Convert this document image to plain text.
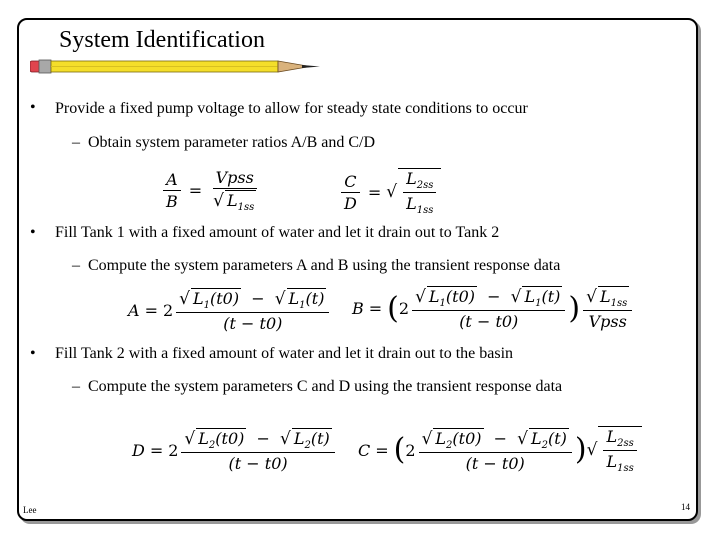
System Identification
• Provide a fixed pump voltage to allow for steady state conditions to occur
– Obtain system parameter ratios A/B and C/D
$\frac{A}{B} = \frac{\text{Vpss}}{√ L_{1ss}}$	$\frac{C}{D}$ = √ $\frac{L_{2ss}}{L_{1ss}}$
• Fill Tank 1 with a fixed amount of water and let it drain out to Tank 2
– Compute the system parameters A and B using the transient response data
$A = 2 \frac{√ L_1(t0) - √ L_1(t)}{(t - t0)}$ B = ( $2 \frac{√ L_1(t0) - √ L_1(t)}{(t - t0)}$ ) $\frac{√ L_{1ss}}{\text{Vpss}}$
• Fill Tank 2 with a fixed amount of water and let it drain out to the basin
– Compute the system parameters C and D using the transient response data
$D = 2 \frac{√ L_2(t0) - √ L_2(t)}{(t - t0)}$ C = ( $2 \frac{√ L_2(t0) - √ L_2(t)}{(t - t0)}$ ) √ $\frac{L_{2ss}}{L_{1ss}}$
Lee	14
